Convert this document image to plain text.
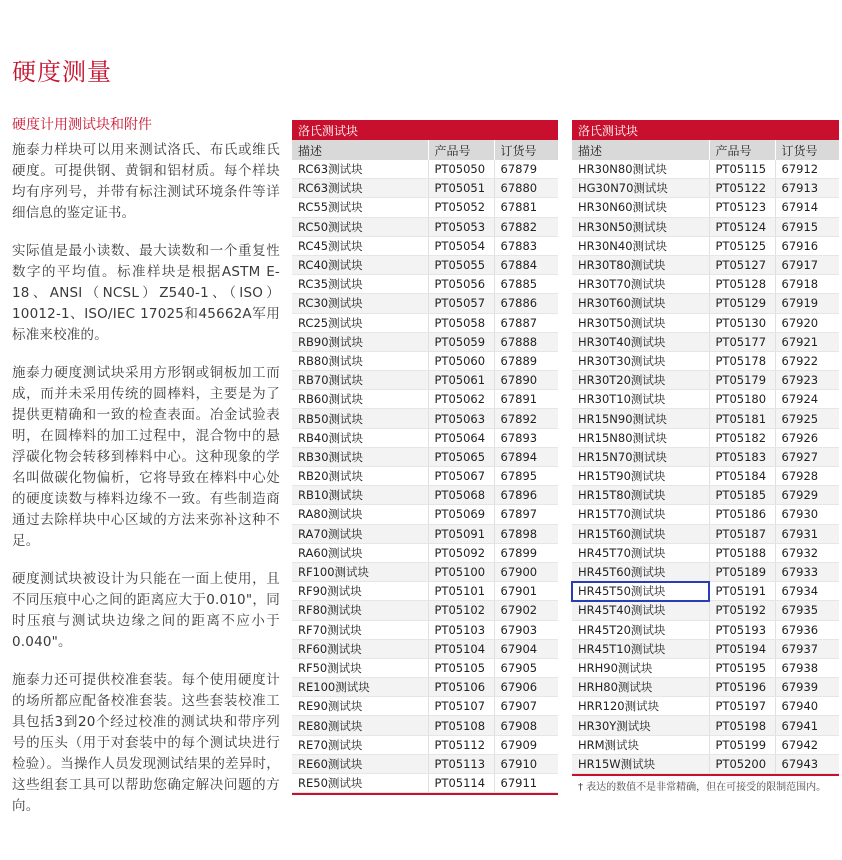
硬度测量
硬度计用测试块和附件

施泰力样块可以用来测试洛氏、布氏或维氏硬度。可提供钢、黄铜和铝材质。每个样块均有序列号，并带有标注测试环境条件等详细信息的鉴定证书。

实际值是最小读数、最大读数和一个重复性数字的平均值。标准样块是根据ASTM E-18、ANSI（NCSL）Z540-1、（ISO）10012-1、ISO/IEC 17025和45662A军用标准来校准的。

施泰力硬度测试块采用方形钢或铜板加工而成，而并未采用传统的圆棒料，主要是为了提供更精确和一致的检查表面。冶金试验表明，在圆棒料的加工过程中，混合物中的悬浮碳化物会转移到棒料中心。这种现象的学名叫做碳化物偏析，它将导致在棒料中心处的硬度读数与棒料边缘不一致。有些制造商通过去除样块中心区域的方法来弥补这种不足。

硬度测试块被设计为只能在一面上使用，且不同压痕中心之间的距离应大于0.010"，同时压痕与测试块边缘之间的距离不应小于0.040"。

施泰力还可提供校准套装。每个使用硬度计的场所都应配备校准套装。这些套装校准工具包括3到20个经过校准的测试块和带序列号的压头（用于对套装中的每个测试块进行检验）。当操作人员发现测试结果的差异时，这些组套工具可以帮助您确定解决问题的方向。

洛氏测试块		
描述	产品号	订货号
RC63测试块	PT05050	67879
RC63测试块	PT05051	67880
RC55测试块	PT05052	67881
RC50测试块	PT05053	67882
RC45测试块	PT05054	67883
RC40测试块	PT05055	67884
RC35测试块	PT05056	67885
RC30测试块	PT05057	67886
RC25测试块	PT05058	67887
RB90测试块	PT05059	67888
RB80测试块	PT05060	67889
RB70测试块	PT05061	67890
RB60测试块	PT05062	67891
RB50测试块	PT05063	67892
RB40测试块	PT05064	67893
RB30测试块	PT05065	67894
RB20测试块	PT05067	67895
RB10测试块	PT05068	67896
RA80测试块	PT05069	67897
RA70测试块	PT05091	67898
RA60测试块	PT05092	67899
RF100测试块	PT05100	67900
RF90测试块	PT05101	67901
RF80测试块	PT05102	67902
RF70测试块	PT05103	67903
RF60测试块	PT05104	67904
RF50测试块	PT05105	67905
RE100测试块	PT05106	67906
RE90测试块	PT05107	67907
RE80测试块	PT05108	67908
RE70测试块	PT05112	67909
RE60测试块	PT05113	67910
RE50测试块	PT05114	67911
洛氏测试块		
描述	产品号	订货号
HR30N80测试块	PT05115	67912
HG30N70测试块	PT05122	67913
HR30N60测试块	PT05123	67914
HR30N50测试块	PT05124	67915
HR30N40测试块	PT05125	67916
HR30T80测试块	PT05127	67917
HR30T70测试块	PT05128	67918
HR30T60测试块	PT05129	67919
HR30T50测试块	PT05130	67920
HR30T40测试块	PT05177	67921
HR30T30测试块	PT05178	67922
HR30T20测试块	PT05179	67923
HR30T10测试块	PT05180	67924
HR15N90测试块	PT05181	67925
HR15N80测试块	PT05182	67926
HR15N70测试块	PT05183	67927
HR15T90测试块	PT05184	67928
HR15T80测试块	PT05185	67929
HR15T70测试块	PT05186	67930
HR15T60测试块	PT05187	67931
HR45T70测试块	PT05188	67932
HR45T60测试块	PT05189	67933
HR45T50测试块	PT05191	67934
HR45T40测试块	PT05192	67935
HR45T20测试块	PT05193	67936
HR45T10测试块	PT05194	67937
HRH90测试块	PT05195	67938
HRH80测试块	PT05196	67939
HRR120测试块	PT05197	67940
HR30Y测试块	PT05198	67941
HRM测试块	PT05199	67942
HR15W测试块	PT05200	67943
† 表达的数值不是非常精确，但在可接受的限制范围内。
